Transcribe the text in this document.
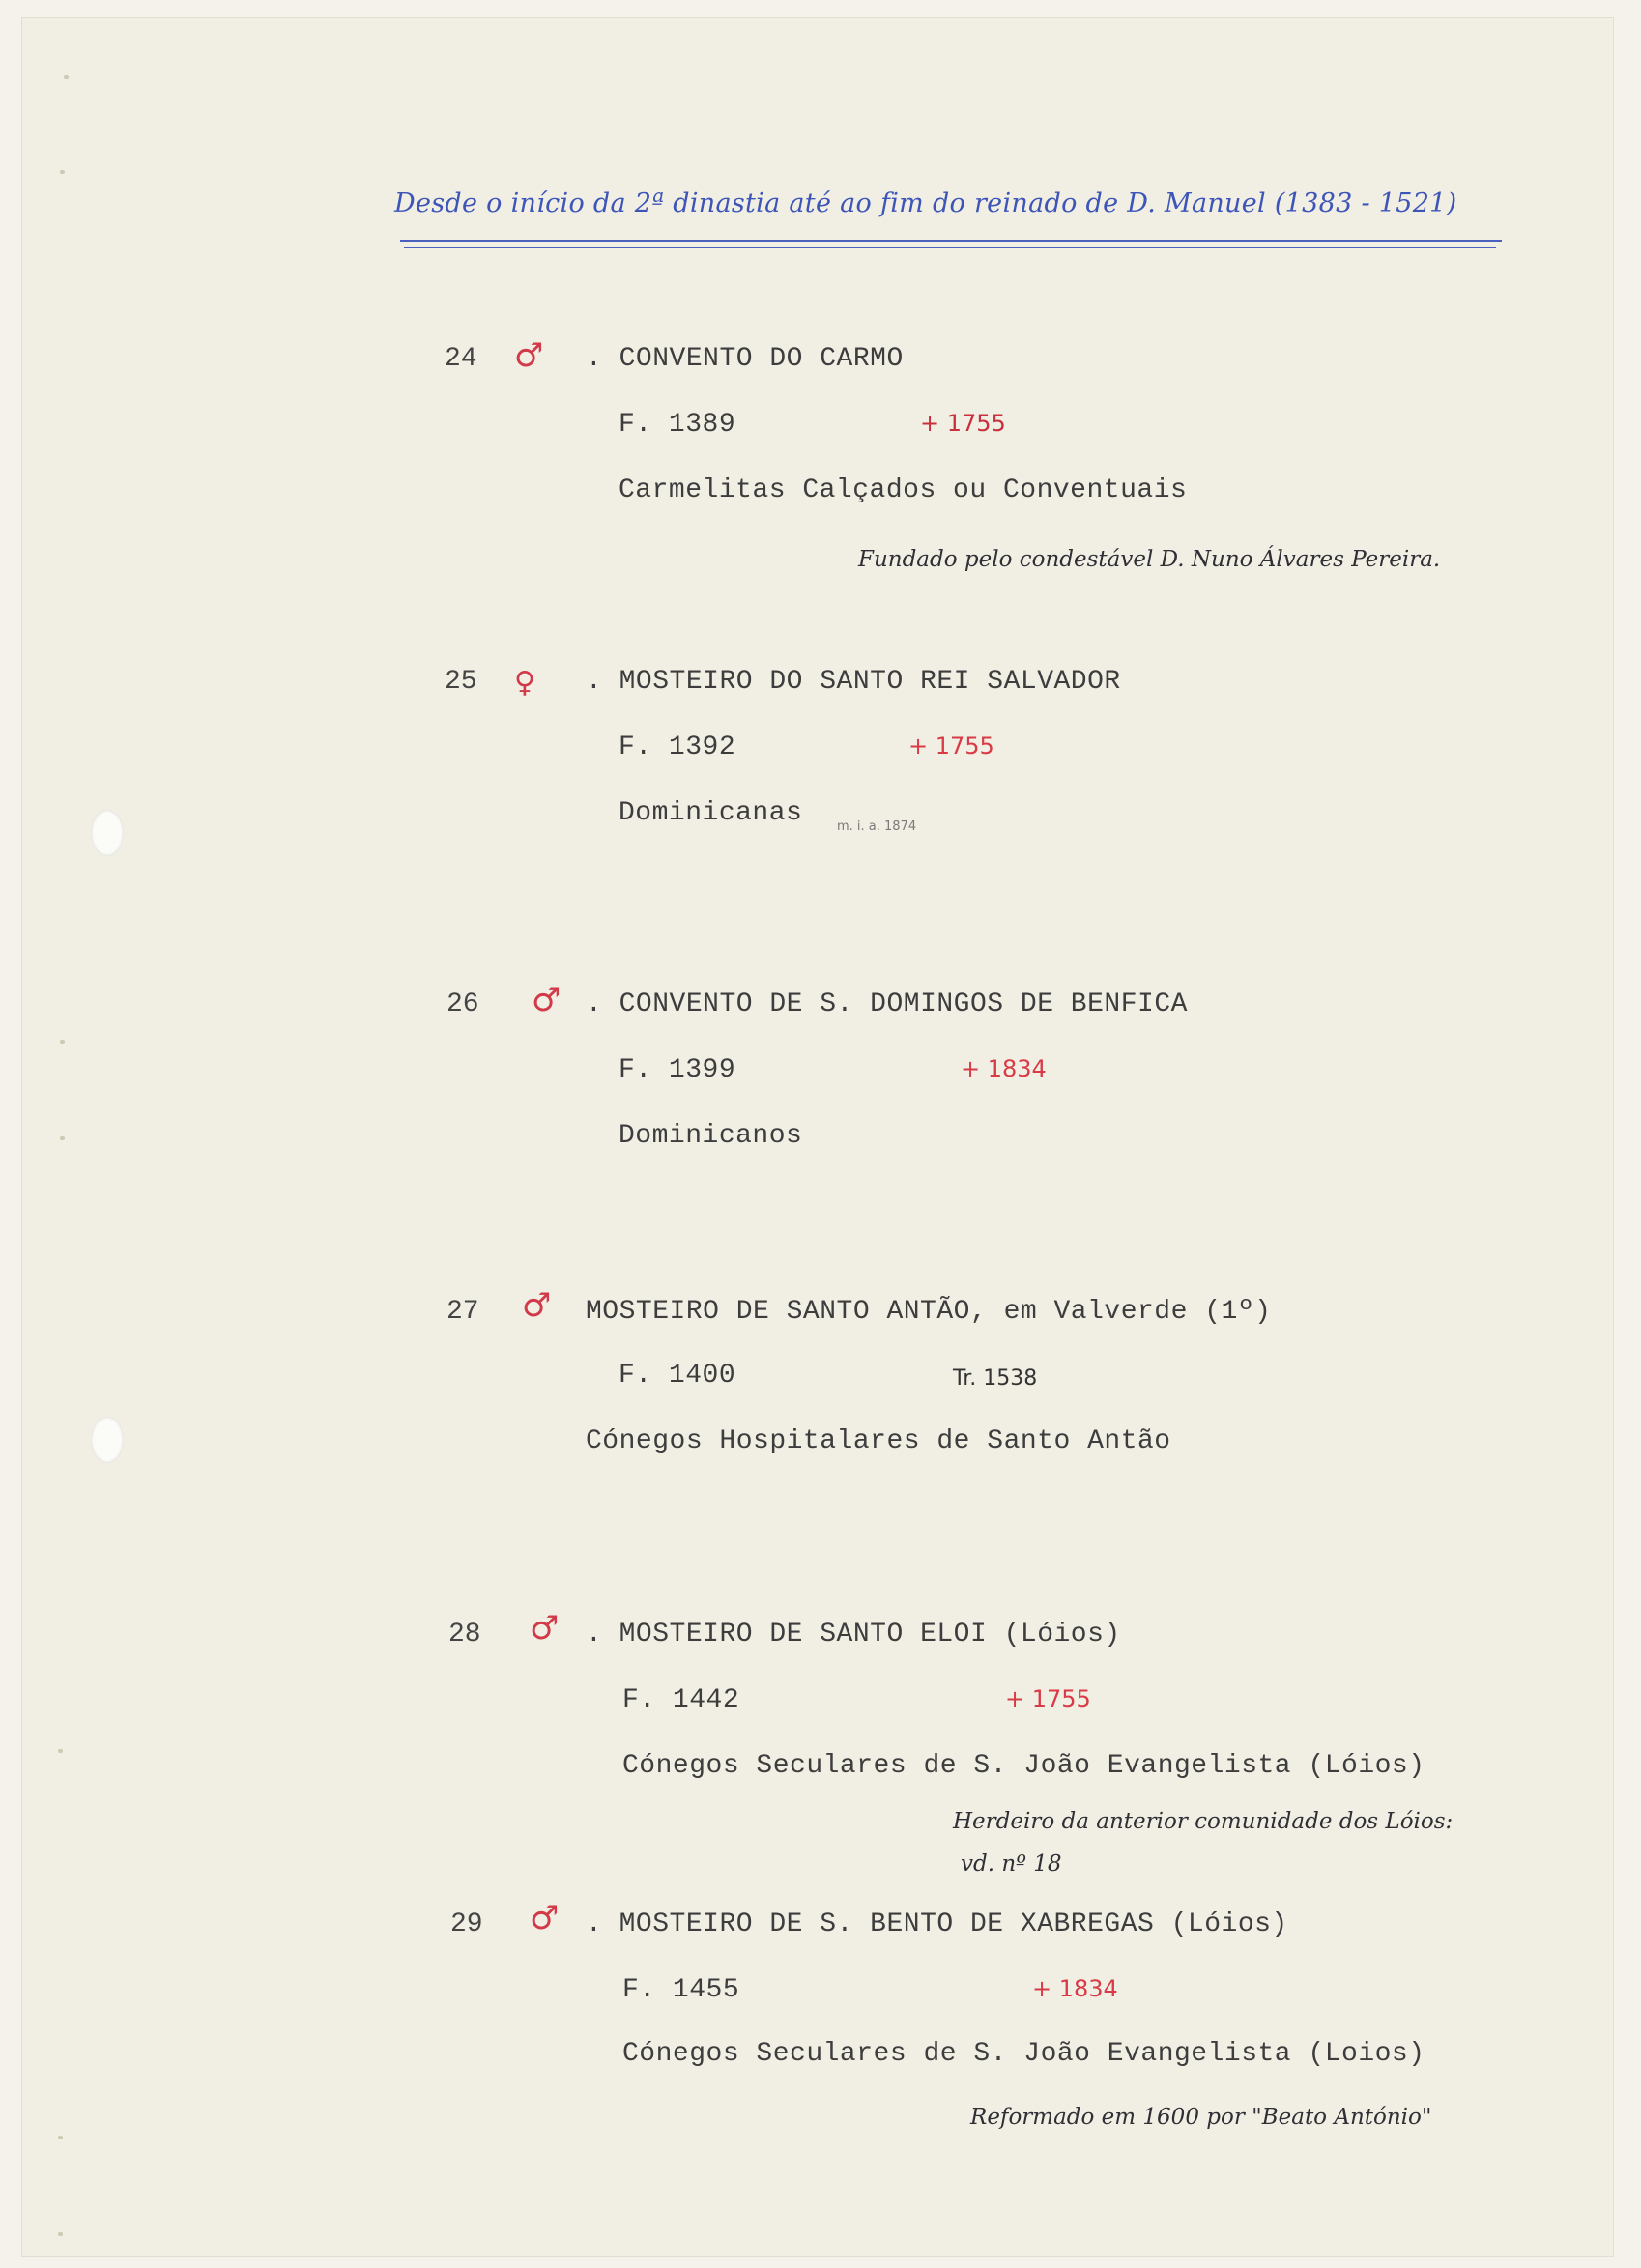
Desde o início da 2ª dinastia até ao fim do reinado de D. Manuel (1383 - 1521)
24 ♂ . CONVENTO DO CARMO
F. 1389	+ 1755
Carmelitas Calçados ou Conventuais
Fundado pelo condestável D. Nuno Álvares Pereira.
25 ♀ . MOSTEIRO DO SANTO REI SALVADOR
F. 1392	+ 1755
Dominicanas	m. i. a. 1874
26 ♂ . CONVENTO DE S. DOMINGOS DE BENFICA
F. 1399	+ 1834
Dominicanos
27 ♂ MOSTEIRO DE SANTO ANTÃO, em Valverde (1º)
F. 1400	Tr. 1538
Cónegos Hospitalares de Santo Antão
28 ♂ . MOSTEIRO DE SANTO ELOI (Lóios)
F. 1442	+ 1755
Cónegos Seculares de S. João Evangelista (Lóios)
Herdeiro da anterior comunidade dos Lóios:
vd. nº 18
29 ♂ . MOSTEIRO DE S. BENTO DE XABREGAS (Lóios)
F. 1455	+ 1834
Cónegos Seculares de S. João Evangelista (Loios)
Reformado em 1600 por "Beato António"
